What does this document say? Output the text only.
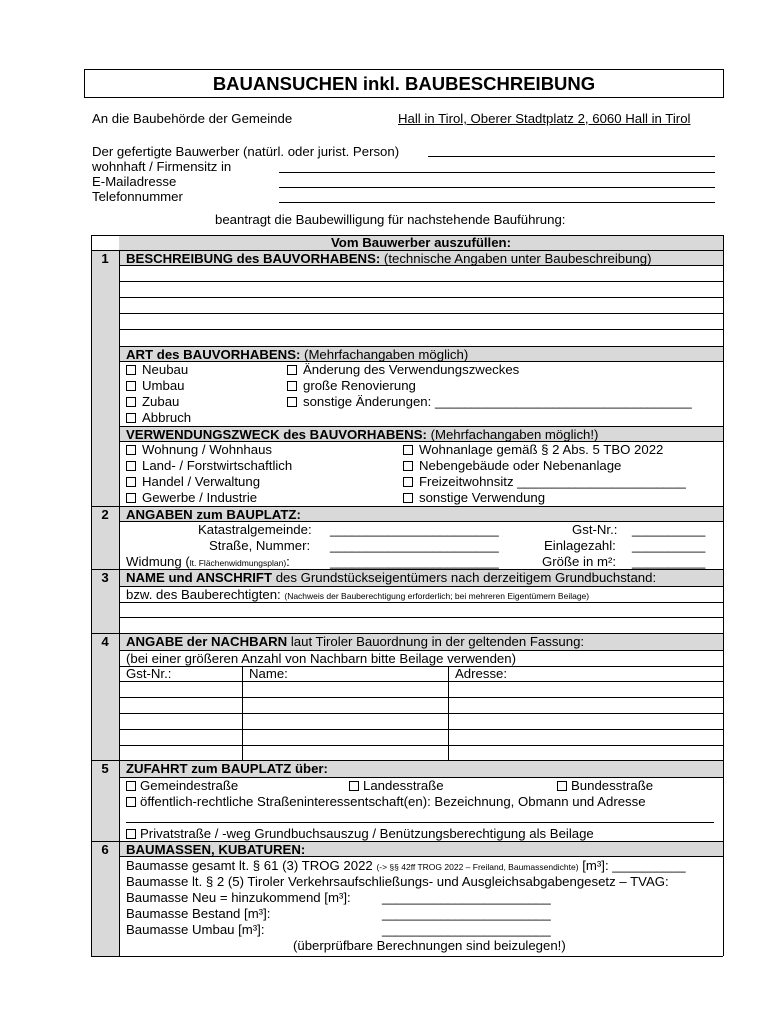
BAUANSUCHEN inkl. BAUBESCHREIBUNG
An die Baubehörde der Gemeinde	Hall in Tirol, Oberer Stadtplatz 2, 6060 Hall in Tirol
Der gefertigte Bauwerber (natürl. oder jurist. Person)
wohnhaft / Firmensitz in
E-Mailadresse
Telefonnummer
beantragt die Baubewilligung für nachstehende Bauführung:
Vom Bauwerber auszufüllen:
1	BESCHREIBUNG des BAUVORHABENS: (technische Angaben unter Baubeschreibung)
ART des BAUVORHABENS: (Mehrfachangaben möglich)
Neubau
Umbau
Zubau
Abbruch
Änderung des Verwendungszweckes
große Renovierung
sonstige Änderungen: ___________________________________
VERWENDUNGSZWECK des BAUVORHABENS: (Mehrfachangaben möglich!)
Wohnung / Wohnhaus
Land- / Forstwirtschaftlich
Handel / Verwaltung
Gewerbe / Industrie
Wohnanlage gemäß § 2 Abs. 5 TBO 2022
Nebengebäude oder Nebenanlage
Freizeitwohnsitz _______________________
sonstige Verwendung
2	ANGABEN zum BAUPLATZ:
Katastralgemeinde: _______________________	Gst-Nr.: __________
Straße, Nummer: _______________________	Einlagezahl: __________
Widmung (lt. Flächenwidmungsplan):	_______________________	Größe in m²: __________
3	NAME und ANSCHRIFT des Grundstückseigentümers nach derzeitigem Grundbuchstand:
bzw. des Bauberechtigten: (Nachweis der Bauberechtigung erforderlich; bei mehreren Eigentümern Beilage)
4	ANGABE der NACHBARN laut Tiroler Bauordnung in der geltenden Fassung:
(bei einer größeren Anzahl von Nachbarn bitte Beilage verwenden)
Gst-Nr.:	Name:	Adresse:
5	ZUFAHRT zum BAUPLATZ über:
Gemeindestraße	Landesstraße	Bundesstraße
öffentlich-rechtliche Straßeninteressentschaft(en): Bezeichnung, Obmann und Adresse
Privatstraße / -weg Grundbuchsauszug / Benützungsberechtigung als Beilage
6	BAUMASSEN, KUBATUREN:
Baumasse gesamt lt. § 61 (3) TROG 2022 (-> §§ 42ff TROG 2022 – Freiland, Baumassendichte) [m³]: __________
Baumasse lt. § 2 (5) Tiroler Verkehrsaufschließungs- und Ausgleichsabgabengesetz – TVAG:
Baumasse Neu = hinzukommend [m³]: _______________________
Baumasse Bestand [m³]:	_______________________
Baumasse Umbau [m³]:	_______________________
(überprüfbare Berechnungen sind beizulegen!)
